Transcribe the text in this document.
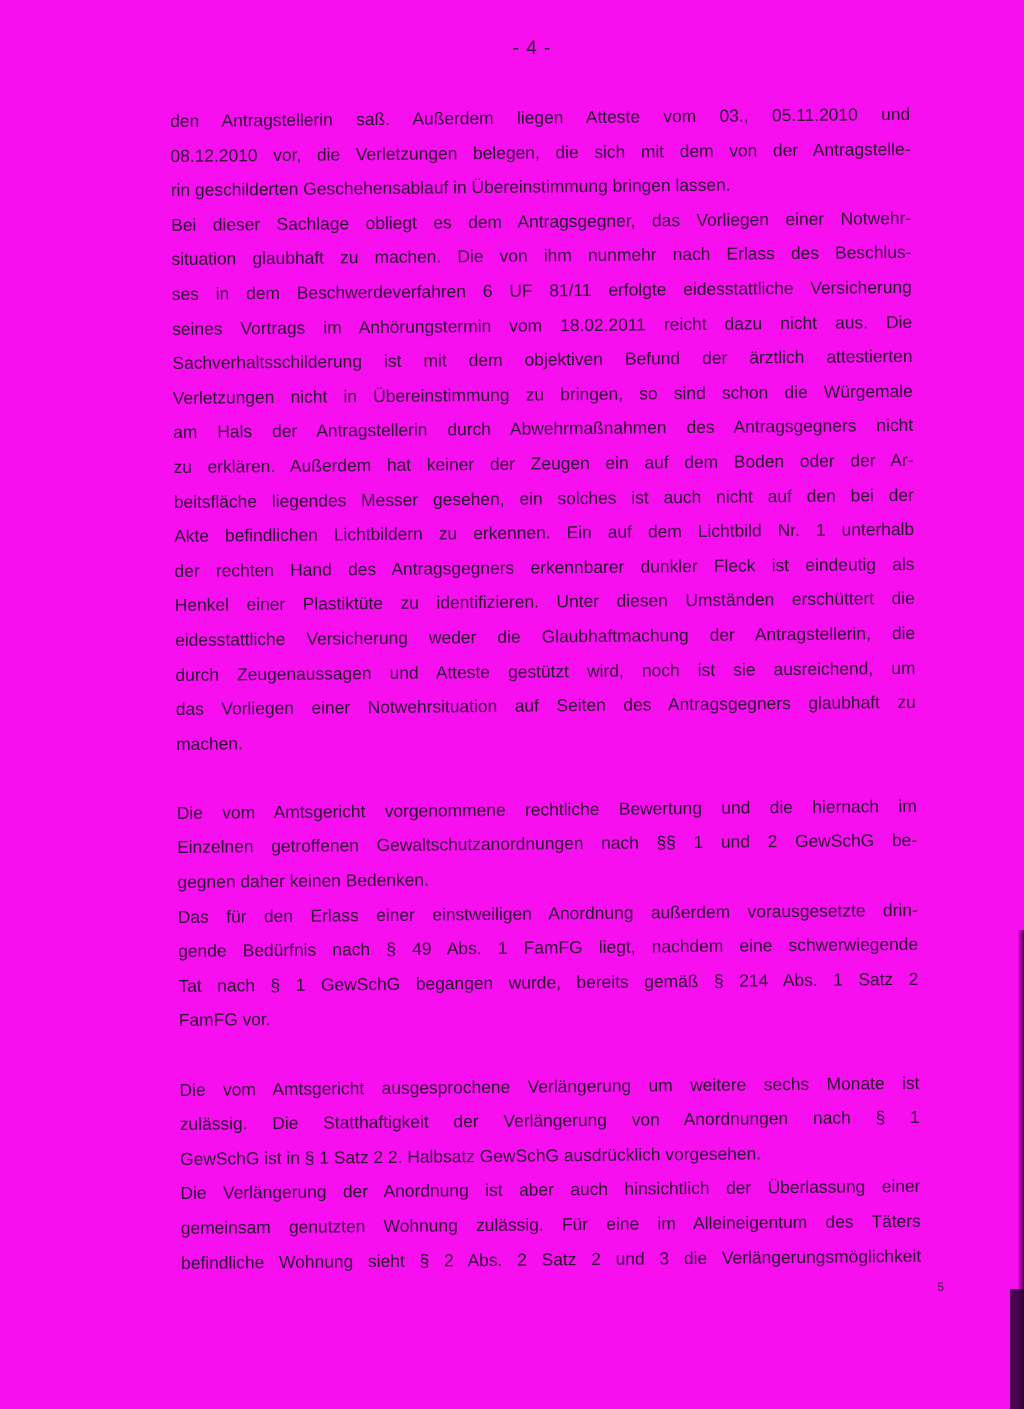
- 4 -
den Antragstellerin saß. Außerdem liegen Atteste vom 03., 05.11.2010 und
08.12.2010 vor, die Verletzungen belegen, die sich mit dem von der Antragstelle-
rin geschilderten Geschehensablauf in Übereinstimmung bringen lassen.
Bei dieser Sachlage obliegt es dem Antragsgegner, das Vorliegen einer Notwehr-
situation glaubhaft zu machen. Die von ihm nunmehr nach Erlass des Beschlus-
ses in dem Beschwerdeverfahren 6 UF 81/11 erfolgte eidesstattliche Versicherung
seines Vortrags im Anhörungstermin vom 18.02.2011 reicht dazu nicht aus. Die
Sachverhaltsschilderung ist mit dem objektiven Befund der ärztlich attestierten
Verletzungen nicht in Übereinstimmung zu bringen, so sind schon die Würgemale
am Hals der Antragstellerin durch Abwehrmaßnahmen des Antragsgegners nicht
zu erklären. Außerdem hat keiner der Zeugen ein auf dem Boden oder der Ar-
beitsfläche liegendes Messer gesehen, ein solches ist auch nicht auf den bei der
Akte befindlichen Lichtbildern zu erkennen. Ein auf dem Lichtbild Nr. 1 unterhalb
der rechten Hand des Antragsgegners erkennbarer dunkler Fleck ist eindeutig als
Henkel einer Plastiktüte zu identifizieren. Unter diesen Umständen erschüttert die
eidesstattliche Versicherung weder die Glaubhaftmachung der Antragstellerin, die
durch Zeugenaussagen und Atteste gestützt wird, noch ist sie ausreichend, um
das Vorliegen einer Notwehrsituation auf Seiten des Antragsgegners glaubhaft zu
machen.
Die vom Amtsgericht vorgenommene rechtliche Bewertung und die hiernach im
Einzelnen getroffenen Gewaltschutzanordnungen nach §§ 1 und 2 GewSchG be-
gegnen daher keinen Bedenken.
Das für den Erlass einer einstweiligen Anordnung außerdem vorausgesetzte drin-
gende Bedürfnis nach § 49 Abs. 1 FamFG liegt, nachdem eine schwerwiegende
Tat nach § 1 GewSchG begangen wurde, bereits gemäß § 214 Abs. 1 Satz 2
FamFG vor.
Die vom Amtsgericht ausgesprochene Verlängerung um weitere sechs Monate ist
zulässig. Die Statthaftigkeit der Verlängerung von Anordnungen nach § 1
GewSchG ist in § 1 Satz 2 2. Halbsatz GewSchG ausdrücklich vorgesehen.
Die Verlängerung der Anordnung ist aber auch hinsichtlich der Überlassung einer
gemeinsam genutzten Wohnung zulässig. Für eine im Alleineigentum des Täters
befindliche Wohnung sieht § 2 Abs. 2 Satz 2 und 3 die Verlängerungsmöglichkeit
5
